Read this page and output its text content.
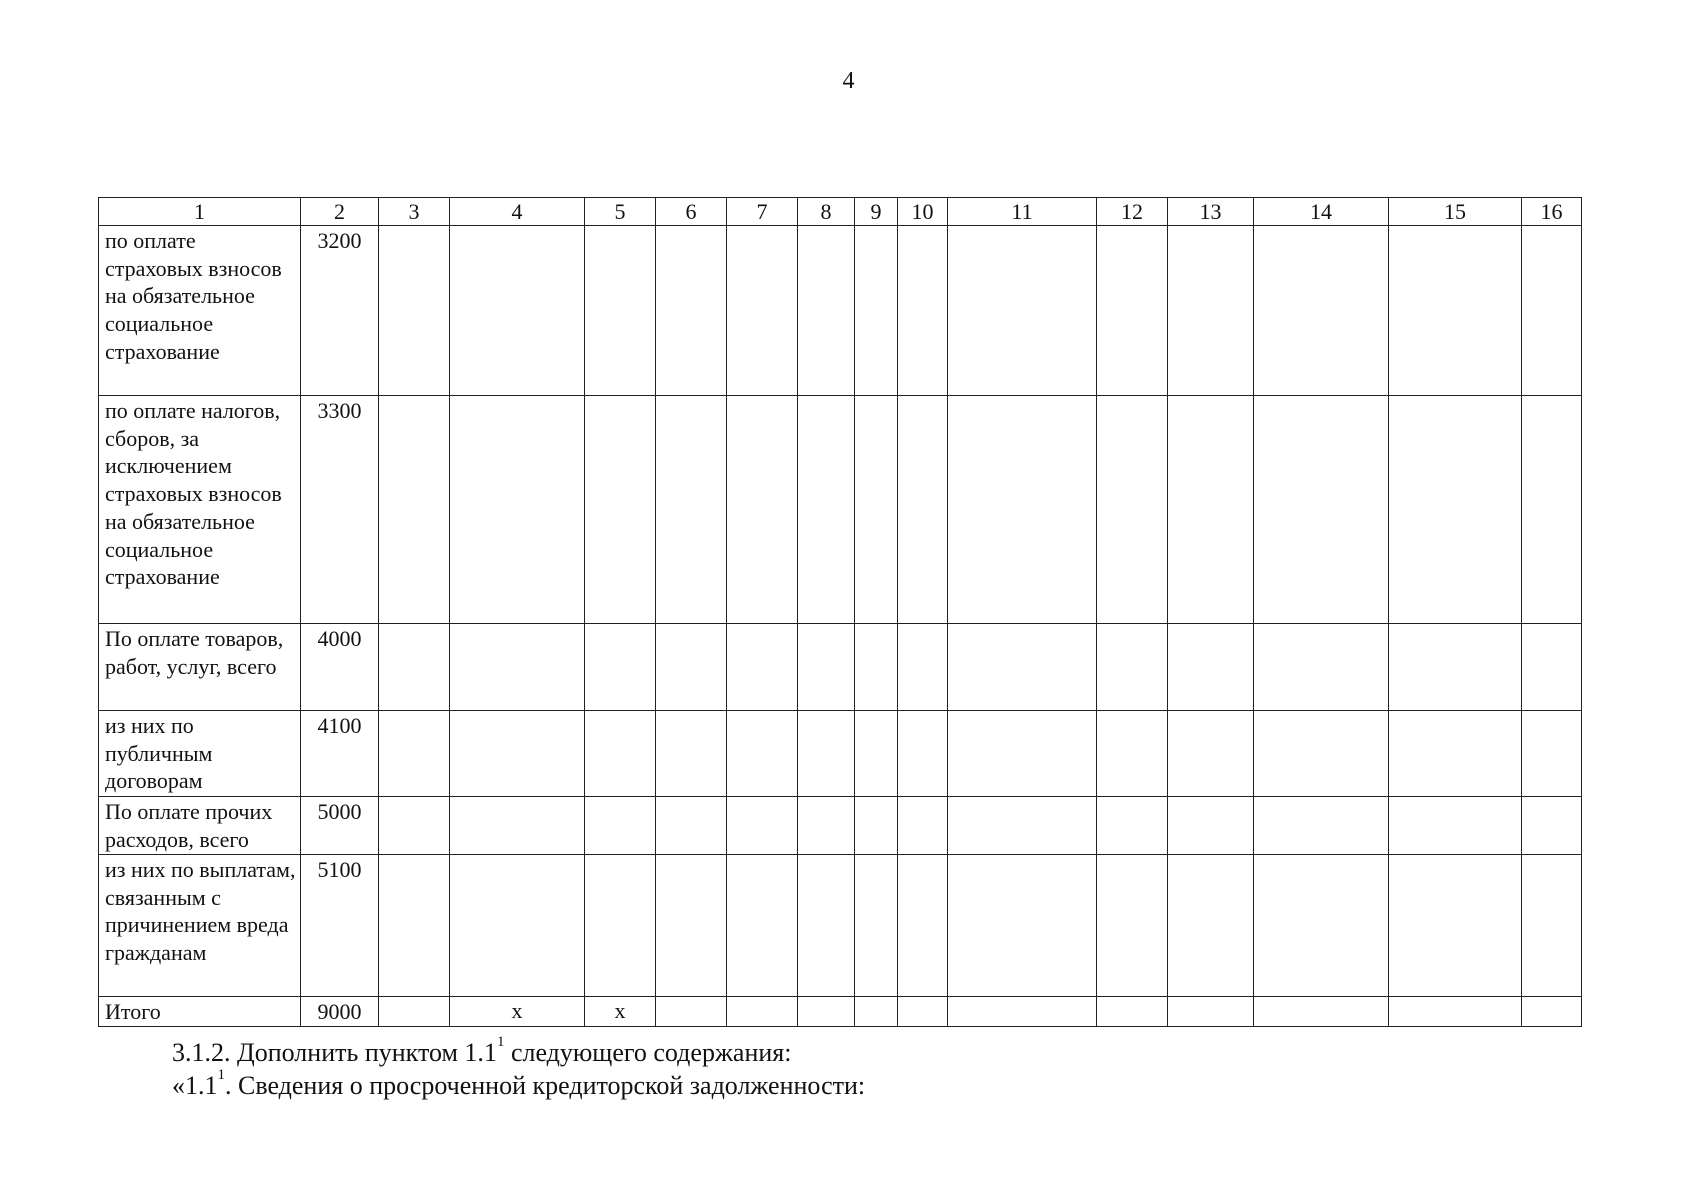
4
1	2	3	4	5	6	7	8	9	10	11	12	13	14	15	16
по оплате страховых взносов на обязательное социальное страхование	3200														
по оплате налогов, сборов, за исключением страховых взносов на обязательное социальное страхование	3300														
По оплате товаров, работ, услуг, всего	4000														
из них по публичным договорам	4100														
По оплате прочих расходов, всего	5000														
из них по выплатам, связанным с причинением вреда гражданам	5100														
Итого	9000		х	х											
3.1.2. Дополнить пунктом $1.1^1$ следующего содержания:
«$1.1^1$. Сведения о просроченной кредиторской задолженности:
